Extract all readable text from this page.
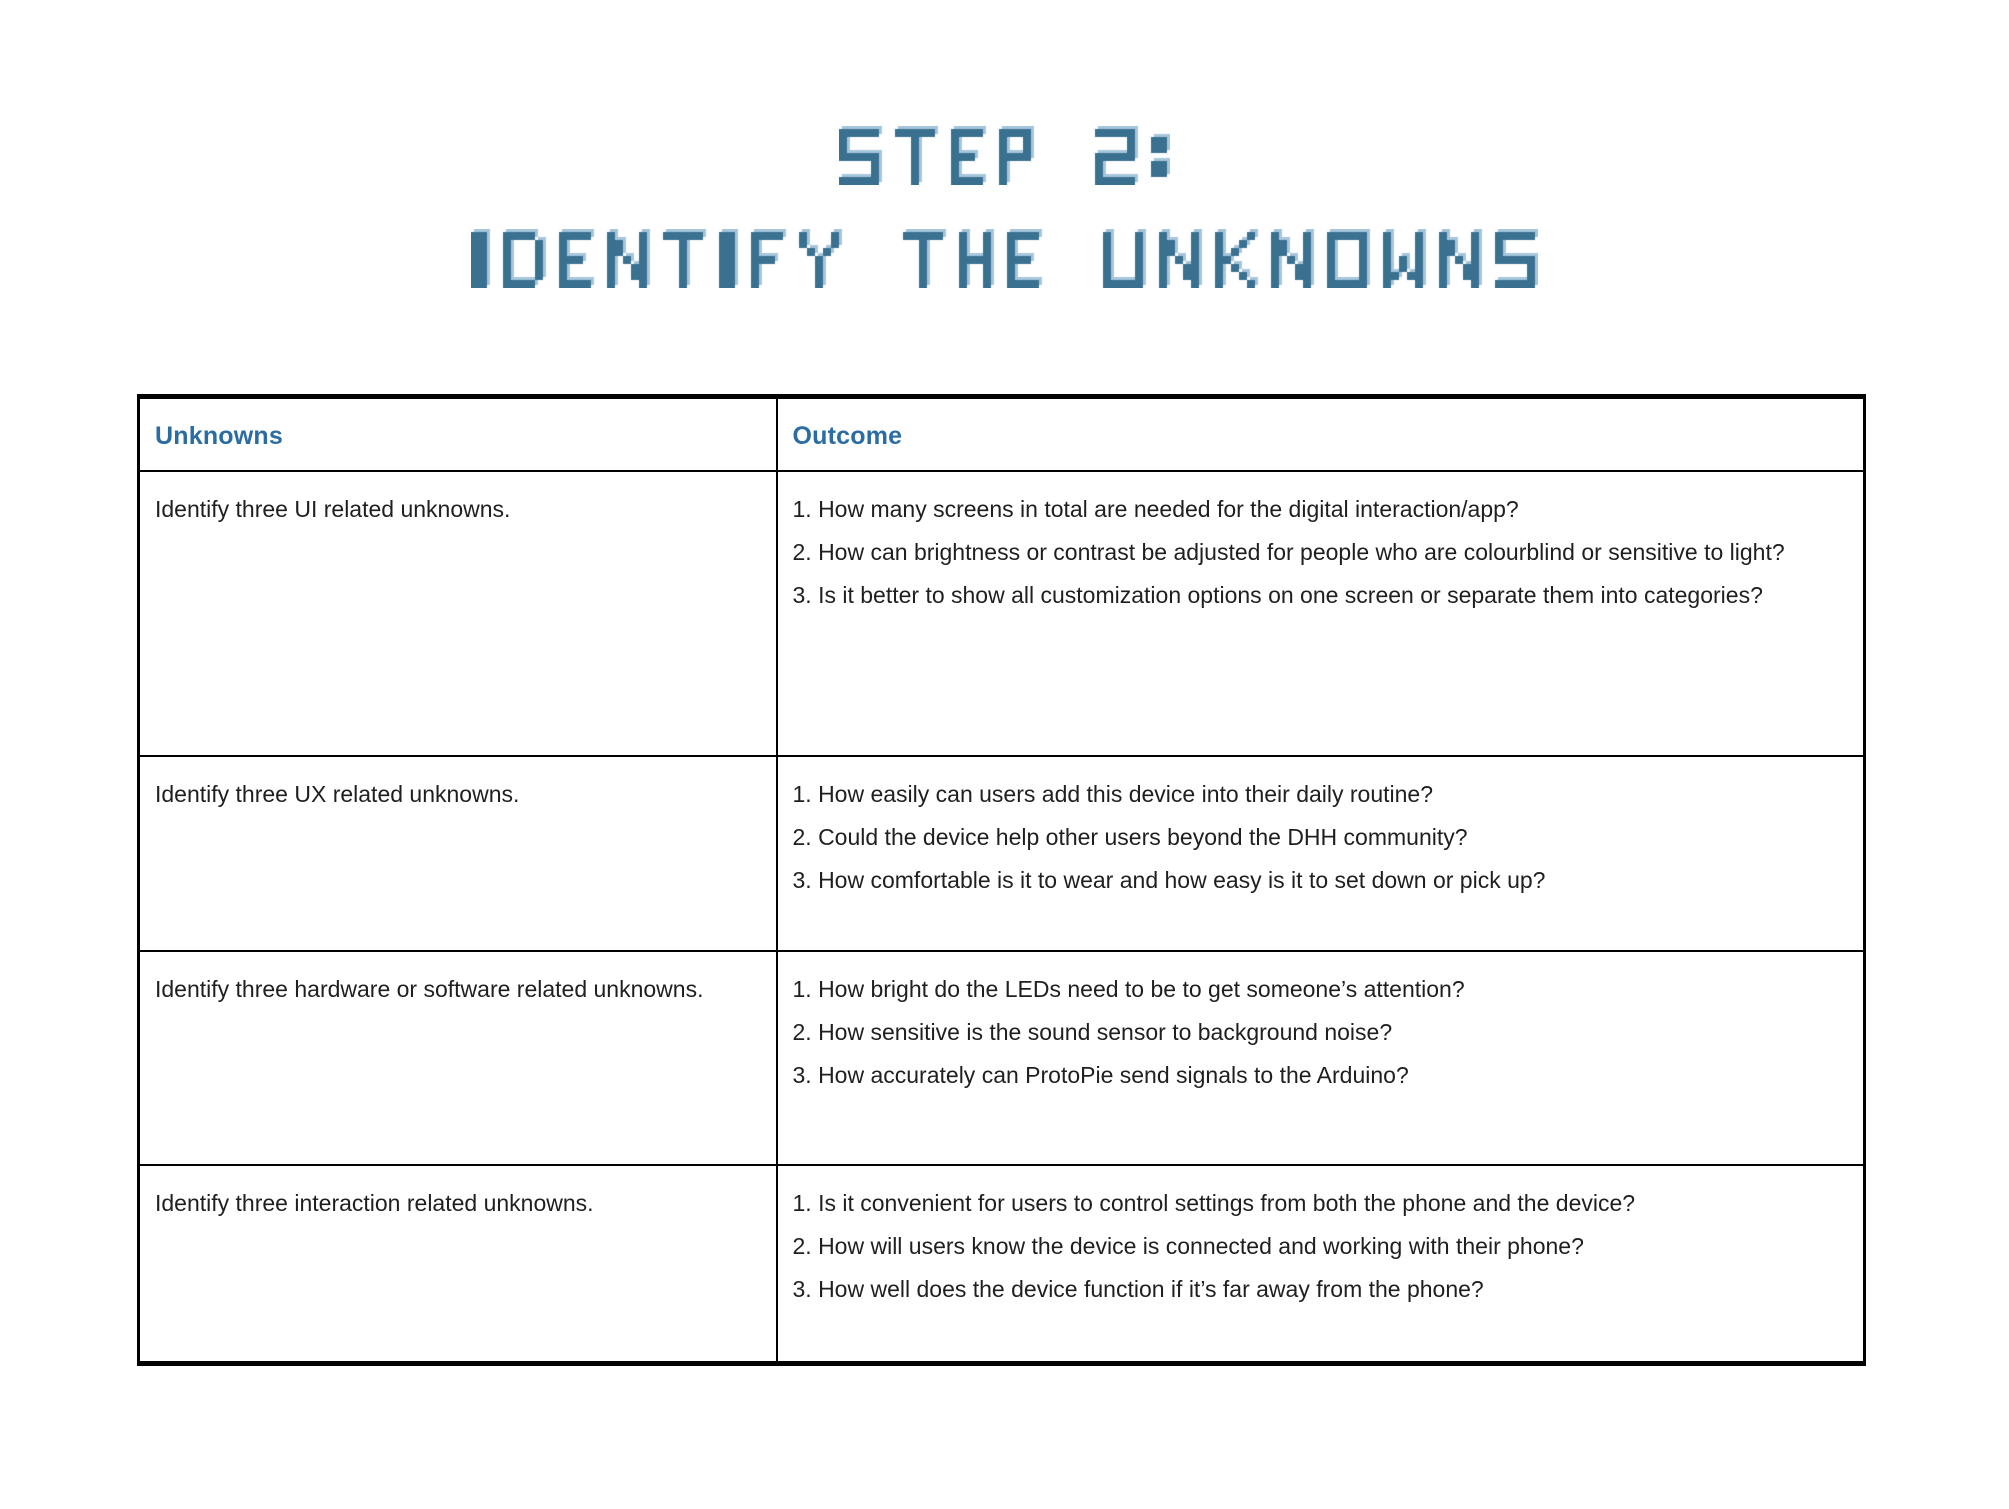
Unknowns	Outcome
Identify three UI related unknowns.	1. How many screens in total are needed for the digital interaction/app?
2. How can brightness or contrast be adjusted for people who are colourblind or sensitive to light?
3. Is it better to show all customization options on one screen or separate them into categories?

Identify three UX related unknowns.	1. How easily can users add this device into their daily routine?
2. Could the device help other users beyond the DHH community?
3. How comfortable is it to wear and how easy is it to set down or pick up?

Identify three hardware or software related unknowns.	1. How bright do the LEDs need to be to get someone’s attention?
2. How sensitive is the sound sensor to background noise?
3. How accurately can ProtoPie send signals to the Arduino?

Identify three interaction related unknowns.	1. Is it convenient for users to control settings from both the phone and the device?
2. How will users know the device is connected and working with their phone?
3. How well does the device function if it’s far away from the phone?
